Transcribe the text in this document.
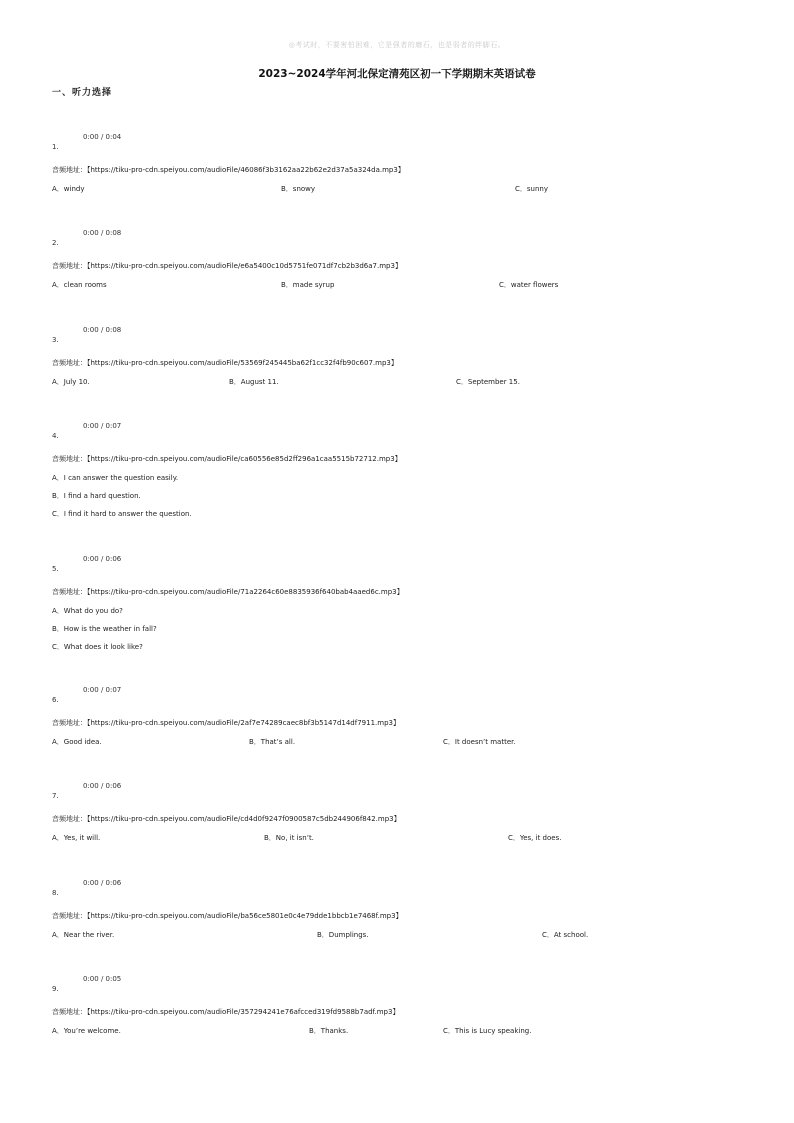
◎考试时，不要害怕困难，它是强者的磨石，也是弱者的绊脚石。
2023~2024学年河北保定清苑区初一下学期期末英语试卷
一、听力选择
0:00 / 0:04
1.
音频地址：【https://tiku-pro-cdn.speiyou.com/audioFile/46086f3b3162aa22b62e2d37a5a324da.mp3】
A．windy	B．snowy	C．sunny
0:00 / 0:08
2.
音频地址：【https://tiku-pro-cdn.speiyou.com/audioFile/e6a5400c10d5751fe071df7cb2b3d6a7.mp3】
A．clean rooms	B．made syrup	C．water flowers
0:00 / 0:08
3.
音频地址：【https://tiku-pro-cdn.speiyou.com/audioFile/53569f245445ba62f1cc32f4fb90c607.mp3】
A．July 10.	B．August 11.	C．September 15.
0:00 / 0:07
4.
音频地址：【https://tiku-pro-cdn.speiyou.com/audioFile/ca60556e85d2ff296a1caa5515b72712.mp3】
A．I can answer the question easily.
B．I find a hard question.
C．I find it hard to answer the question.
0:00 / 0:06
5.
音频地址：【https://tiku-pro-cdn.speiyou.com/audioFile/71a2264c60e8835936f640bab4aaed6c.mp3】
A．What do you do?
B．How is the weather in fall?
C．What does it look like?
0:00 / 0:07
6.
音频地址：【https://tiku-pro-cdn.speiyou.com/audioFile/2af7e74289caec8bf3b5147d14df7911.mp3】
A．Good idea.	B．That’s all.	C．It doesn’t matter.
0:00 / 0:06
7.
音频地址：【https://tiku-pro-cdn.speiyou.com/audioFile/cd4d0f9247f0900587c5db244906f842.mp3】
A．Yes, it will.	B．No, it isn’t.	C．Yes, it does.
0:00 / 0:06
8.
音频地址：【https://tiku-pro-cdn.speiyou.com/audioFile/ba56ce5801e0c4e79dde1bbcb1e7468f.mp3】
A．Near the river.	B．Dumplings.	C．At school.
0:00 / 0:05
9.
音频地址：【https://tiku-pro-cdn.speiyou.com/audioFile/357294241e76afcced319fd9588b7adf.mp3】
A．You’re welcome.	B．Thanks.	C．This is Lucy speaking.
